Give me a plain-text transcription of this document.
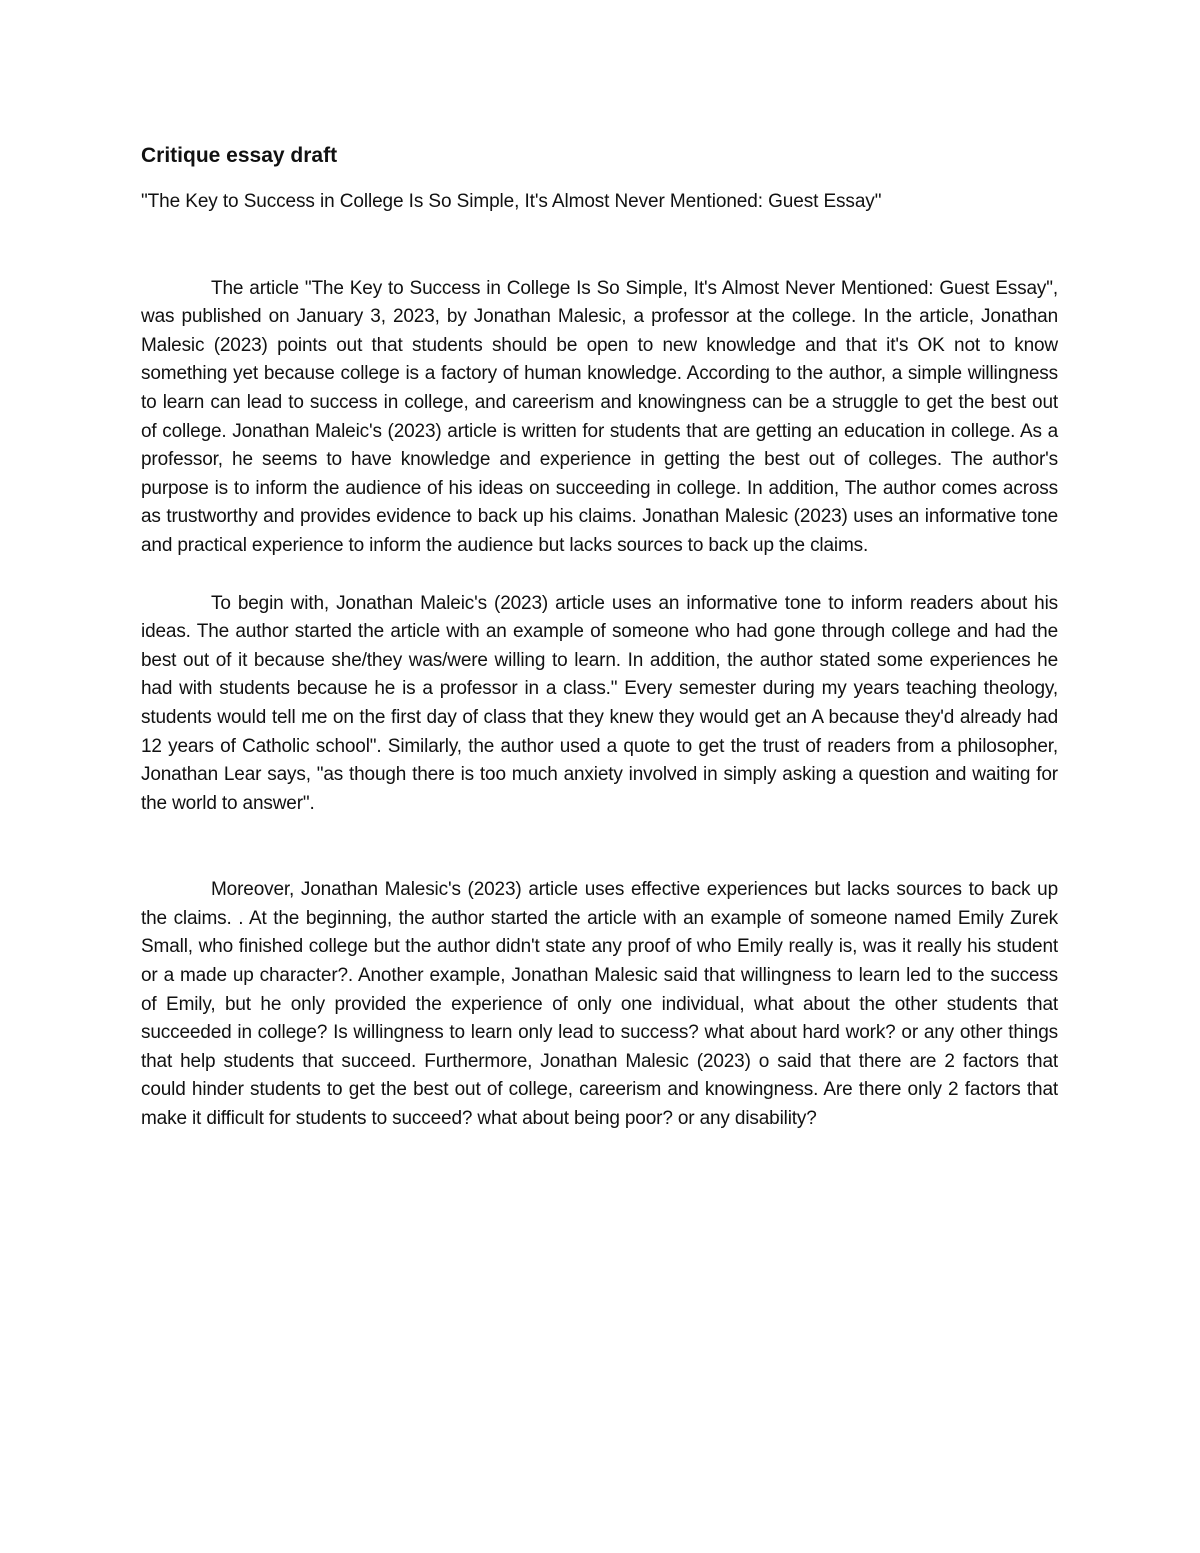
Critique essay draft

"The Key to Success in College Is So Simple, It's Almost Never Mentioned: Guest Essay"

The article "The Key to Success in College Is So Simple, It's Almost Never Mentioned: Guest Essay", was published on January 3, 2023, by Jonathan Malesic, a professor at the college. In the article, Jonathan Malesic (2023) points out that students should be open to new knowledge and that it's OK not to know something yet because college is a factory of human knowledge. According to the author, a simple willingness to learn can lead to success in college, and careerism and knowingness can be a struggle to get the best out of college. Jonathan Maleic's (2023) article is written for students that are getting an education in college. As a professor, he seems to have knowledge and experience in getting the best out of colleges. The author's purpose is to inform the audience of his ideas on succeeding in college. In addition, The author comes across as trustworthy and provides evidence to back up his claims. Jonathan Malesic (2023) uses an informative tone and practical experience to inform the audience but lacks sources to back up the claims.

To begin with, Jonathan Maleic's (2023) article uses an informative tone to inform readers about his ideas. The author started the article with an example of someone who had gone through college and had the best out of it because she/they was/were willing to learn. In addition, the author stated some experiences he had with students because he is a professor in a class." Every semester during my years teaching theology, students would tell me on the first day of class that they knew they would get an A because they'd already had 12 years of Catholic school". Similarly, the author used a quote to get the trust of readers from a philosopher, Jonathan Lear says, "as though there is too much anxiety involved in simply asking a question and waiting for the world to answer".

Moreover, Jonathan Malesic's (2023) article uses effective experiences but lacks sources to back up the claims. . At the beginning, the author started the article with an example of someone named Emily Zurek Small, who finished college but the author didn't state any proof of who Emily really is, was it really his student or a made up character?. Another example, Jonathan Malesic said that willingness to learn led to the success of Emily, but he only provided the experience of only one individual, what about the other students that succeeded in college? Is willingness to learn only lead to success? what about hard work? or any other things that help students that succeed. Furthermore, Jonathan Malesic (2023) o said that there are 2 factors that could hinder students to get the best out of college, careerism and knowingness. Are there only 2 factors that make it difficult for students to succeed? what about being poor? or any disability?
